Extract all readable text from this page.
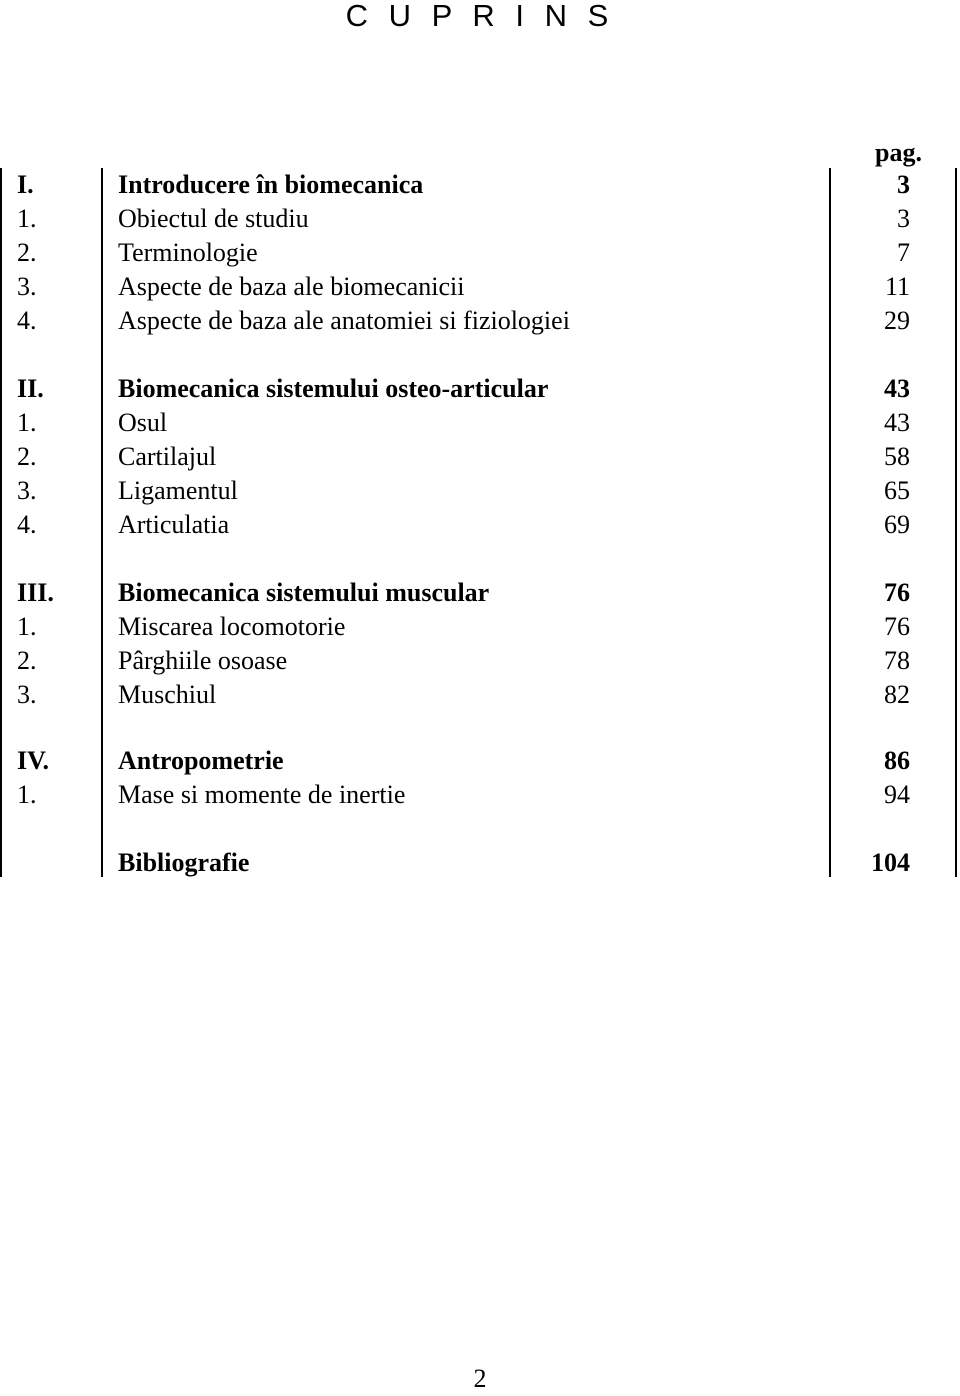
C U P R I N S
pag.
I.	Introducere în biomecanica	3
1.	Obiectul de studiu	3
2.	Terminologie	7
3.	Aspecte de baza ale biomecanicii	11
4.	Aspecte de baza ale anatomiei si fiziologiei	29
II.	Biomecanica sistemului osteo-articular	43
1.	Osul	43
2.	Cartilajul	58
3.	Ligamentul	65
4.	Articulatia	69
III. Biomecanica sistemului muscular	76
1.	Miscarea locomotorie	76
2.	Pârghiile osoase	78
3.	Muschiul	82
IV.	Antropometrie	86
1.	Mase si momente de inertie	94
Bibliografie	104
2
